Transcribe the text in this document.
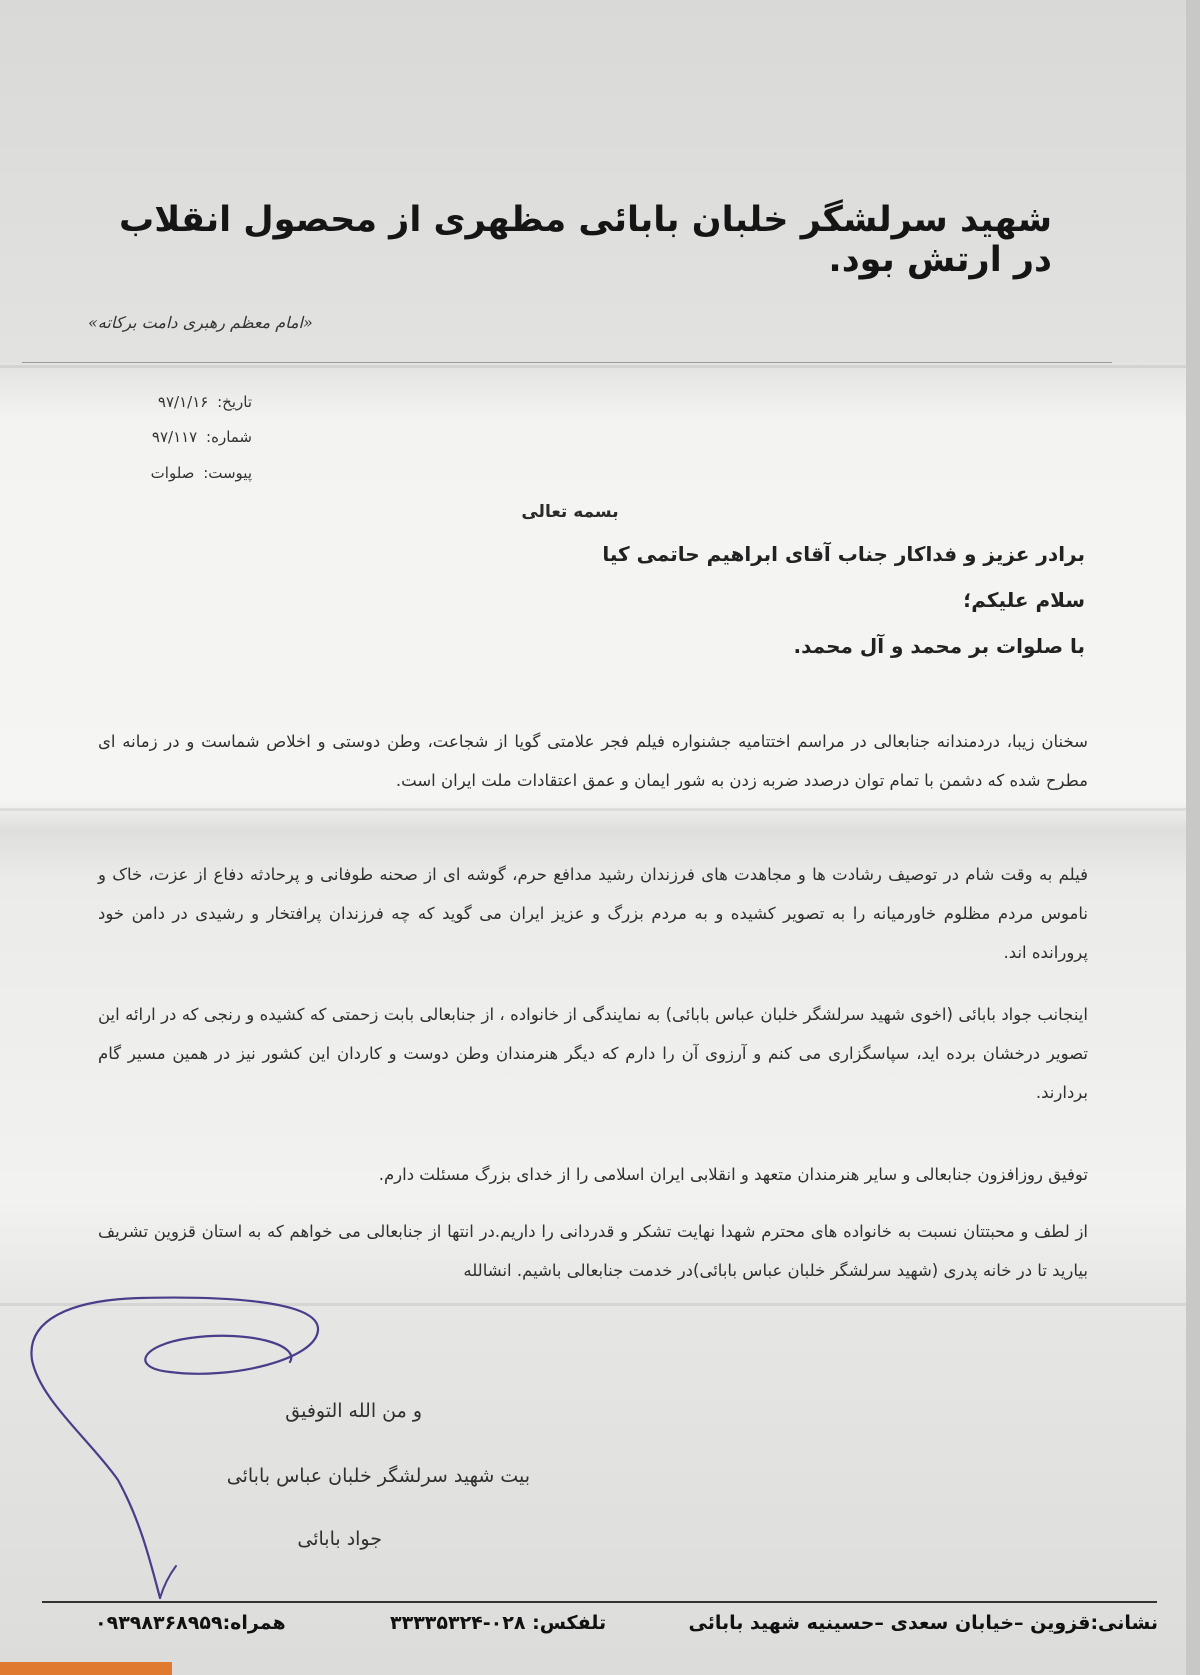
شهید سرلشگر خلبان بابائی مظهری از محصول انقلاب در ارتش بود.
«امام معظم رهبری دامت برکاته»
تاریخ: ۹۷/۱/۱۶
شماره: ۹۷/۱۱۷
پیوست: صلوات
بسمه تعالی
برادر عزیز و فداکار جناب آقای ابراهیم حاتمی کیا
سلام علیکم؛
با صلوات بر محمد و آل محمد.
سخنان زیبا، دردمندانه جنابعالی در مراسم اختتامیه جشنواره فیلم فجر علامتی گویا از شجاعت، وطن دوستی و اخلاص شماست و در زمانه ای مطرح شده که دشمن با تمام توان درصدد ضربه زدن به شور ایمان و عمق اعتقادات ملت ایران است.
فیلم به وقت شام در توصیف رشادت ها و مجاهدت های فرزندان رشید مدافع حرم، گوشه ای از صحنه طوفانی و پرحادثه دفاع از عزت، خاک و ناموس مردم مظلوم خاورمیانه را به تصویر کشیده و به مردم بزرگ و عزیز ایران می گوید که چه فرزندان پرافتخار و رشیدی در دامن خود پرورانده اند.
اینجانب جواد بابائی (اخوی شهید سرلشگر خلبان عباس بابائی) به نمایندگی از خانواده ، از جنابعالی بابت زحمتی که کشیده و رنجی که در ارائه این تصویر درخشان برده اید، سپاسگزاری می کنم و آرزوی آن را دارم که دیگر هنرمندان وطن دوست و کاردان این کشور نیز در همین مسیر گام بردارند.
توفیق روزافزون جنابعالی و سایر هنرمندان متعهد و انقلابی ایران اسلامی را از خدای بزرگ مسئلت دارم.
از لطف و محبتتان نسبت به خانواده های محترم شهدا نهایت تشکر و قدردانی را داریم.در انتها از جنابعالی می خواهم که به استان قزوین تشریف بیارید تا در خانه پدری (شهید سرلشگر خلبان عباس بابائی)در خدمت جنابعالی باشیم. انشالله
و من الله التوفیق
بیت شهید سرلشگر خلبان عباس بابائی
جواد بابائی
نشانی:قزوین –خیابان سعدی –حسینیه شهید بابائی
تلفکس: ۰۲۸-۳۳۳۳۵۳۲۴
همراه:۰۹۳۹۸۳۶۸۹۵۹
